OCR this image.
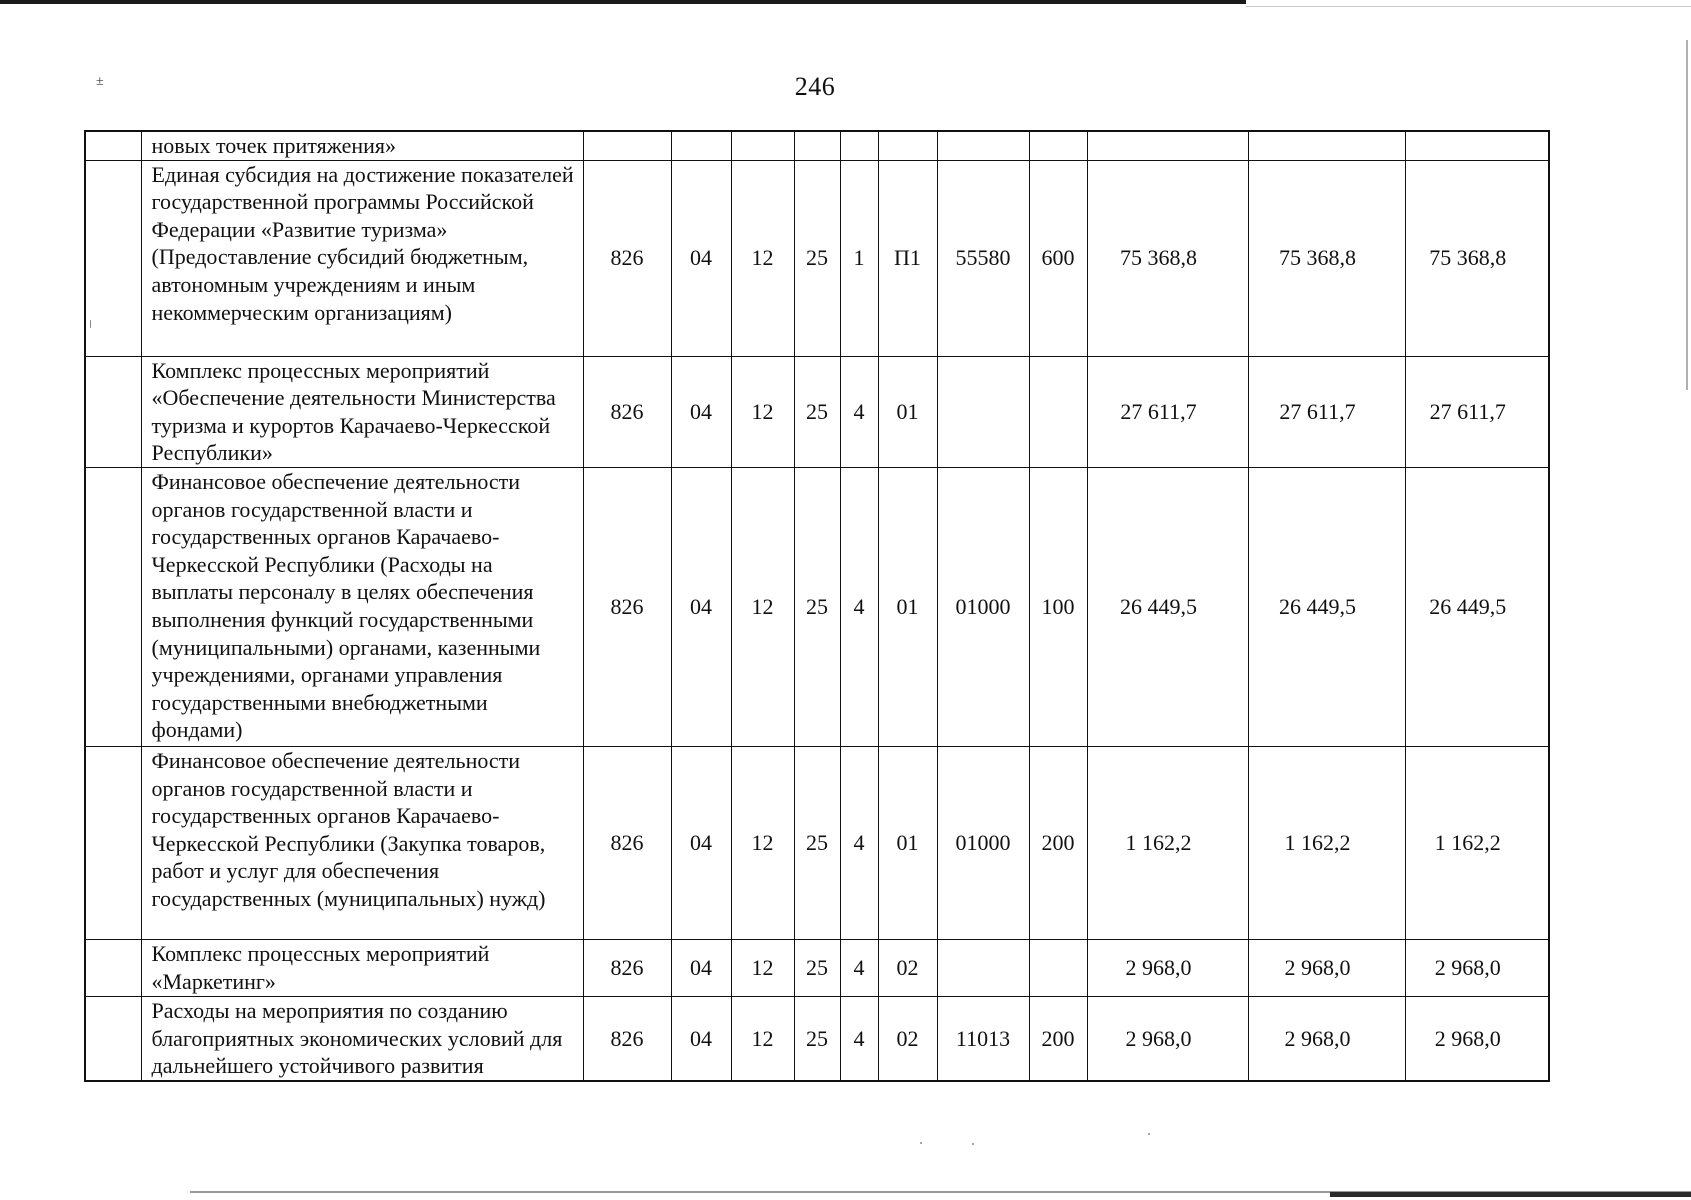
±	246
	новых точек притяжения»											
	Единая субсидия на достижение показателей государственной программы Российской Федерации «Развитие туризма» (Предоставление субсидий бюджетным, автономным учреждениям и иным некоммерческим организациям)	826	04	12	25	1	П1	55580	600	75 368,8	75 368,8	75 368,8
	Комплекс процессных мероприятий «Обеспечение деятельности Министерства туризма и курортов Карачаево-Черкесской Республики»	826	04	12	25	4	01			27 611,7	27 611,7	27 611,7
	Финансовое обеспечение деятельности органов государственной власти и государственных органов Карачаево-Черкесской Республики (Расходы на выплаты персоналу в целях обеспечения выполнения функций государственными (муниципальными) органами, казенными учреждениями, органами управления государственными внебюджетными фондами)	826	04	12	25	4	01	01000	100	26 449,5	26 449,5	26 449,5
	Финансовое обеспечение деятельности органов государственной власти и государственных органов Карачаево-Черкесской Республики (Закупка товаров, работ и услуг для обеспечения государственных (муниципальных) нужд)	826	04	12	25	4	01	01000	200	1 162,2	1 162,2	1 162,2
	Комплекс процессных мероприятий «Маркетинг»	826	04	12	25	4	02			2 968,0	2 968,0	2 968,0
	Расходы на мероприятия по созданию благоприятных экономических условий для дальнейшего устойчивого развития	826	04	12	25	4	02	11013	200	2 968,0	2 968,0	2 968,0
